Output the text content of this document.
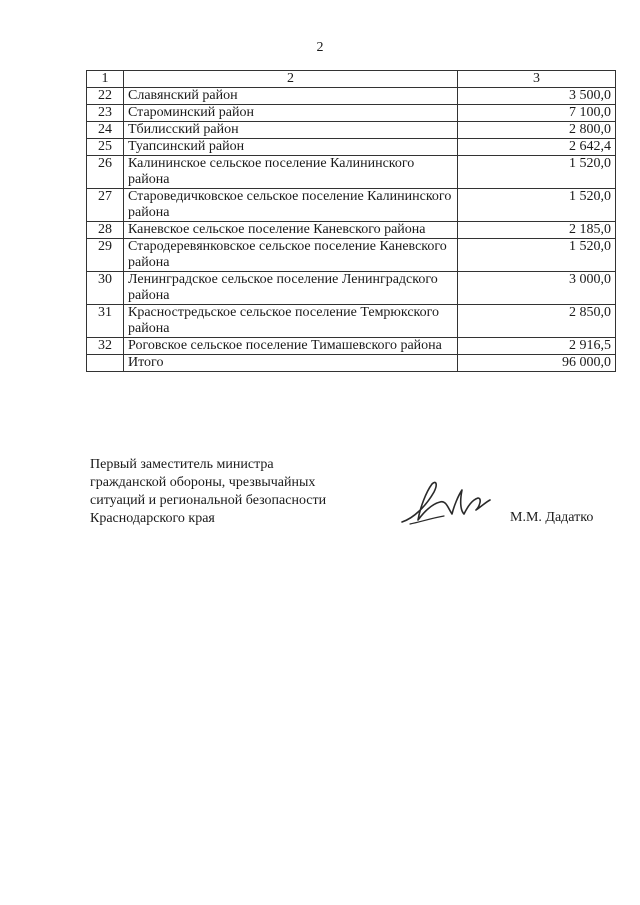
2
1	2	3
22	Славянский район	3 500,0
23	Староминский район	7 100,0
24	Тбилисский район	2 800,0
25	Туапсинский район	2 642,4
26	Калининское сельское поселение Калининского района	1 520,0
27	Староведичковское сельское поселение Калининского района	1 520,0
28	Каневское сельское поселение Каневского района	2 185,0
29	Стародеревянковское сельское поселение Каневского района	1 520,0
30	Ленинградское сельское поселение Ленинградского района	3 000,0
31	Красностредьское сельское поселение Темрюкского района	2 850,0
32	Роговское сельское поселение Тимашевского района	2 916,5
	Итого	96 000,0
Первый заместитель министра
гражданской обороны, чрезвычайных
ситуаций и региональной безопасности
Краснодарского края	М.М. Дадатко
